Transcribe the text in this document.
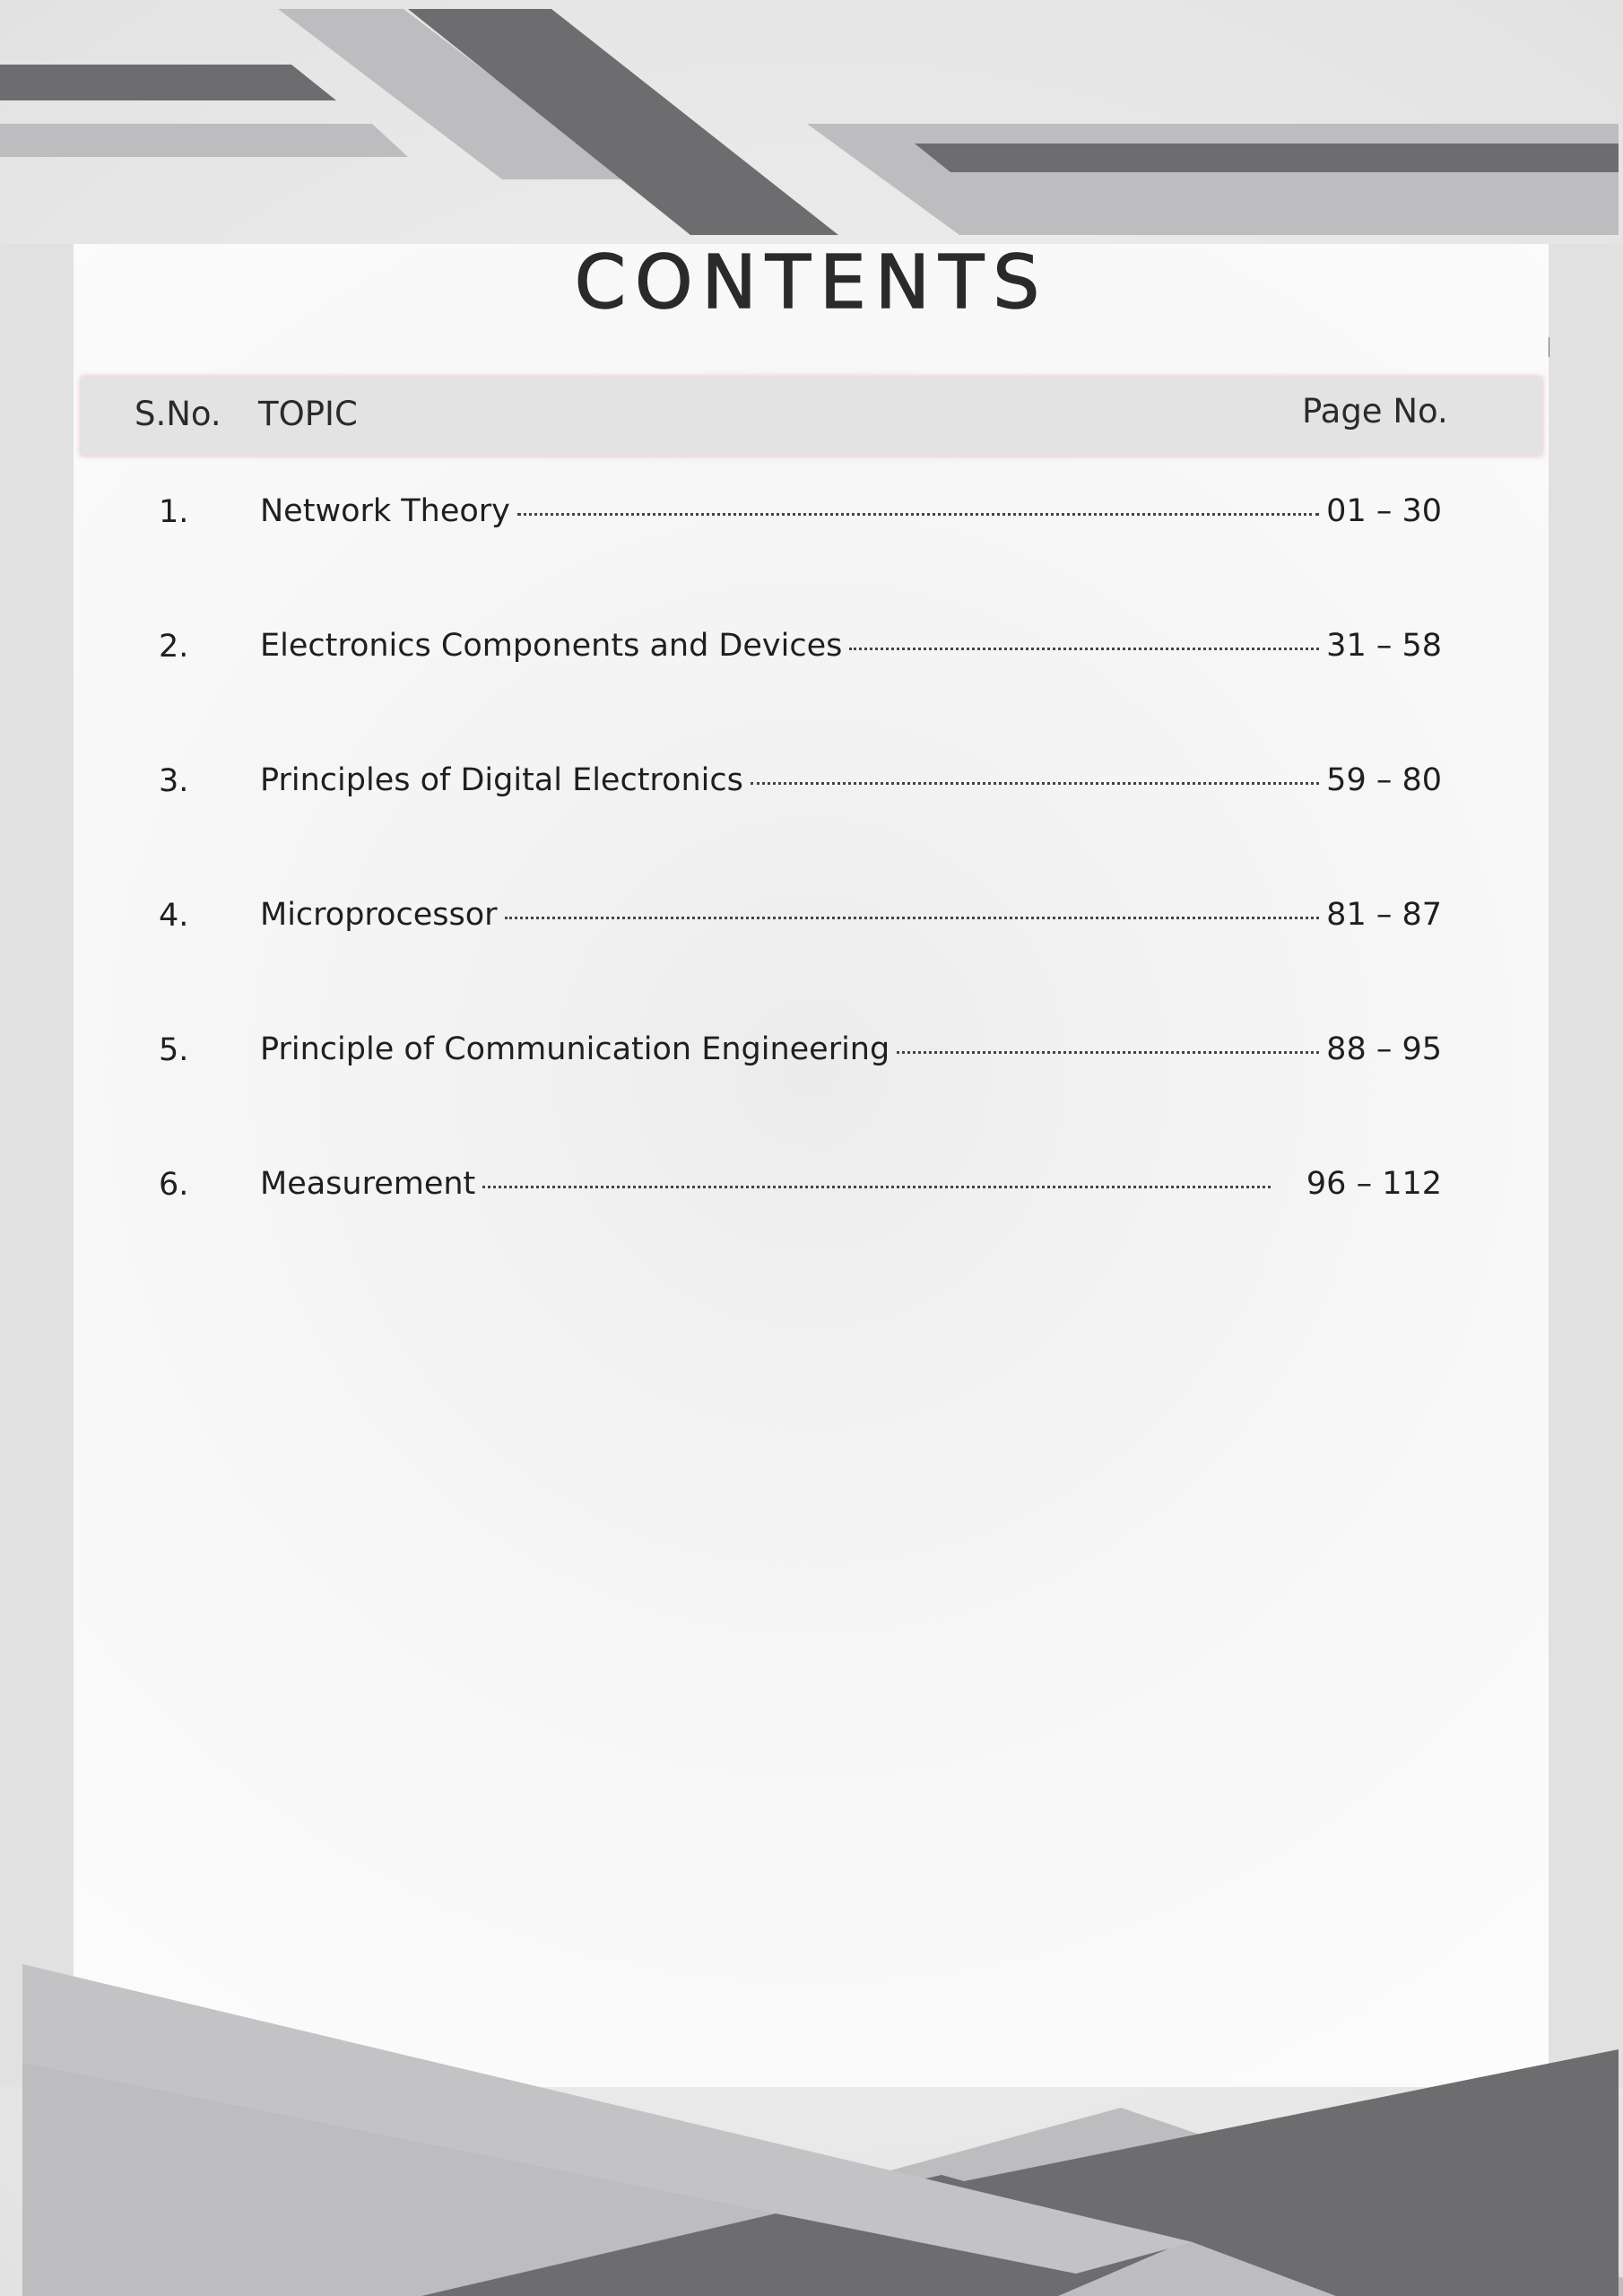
CONTENTS
S.No. TOPIC	Page No.
1. Network Theory	01 – 30
2. Electronics Components and Devices	31 – 58
3. Principles of Digital Electronics	59 – 80
4. Microprocessor	81 – 87
5. Principle of Communication Engineering	88 – 95
6. Measurement	96 – 112
